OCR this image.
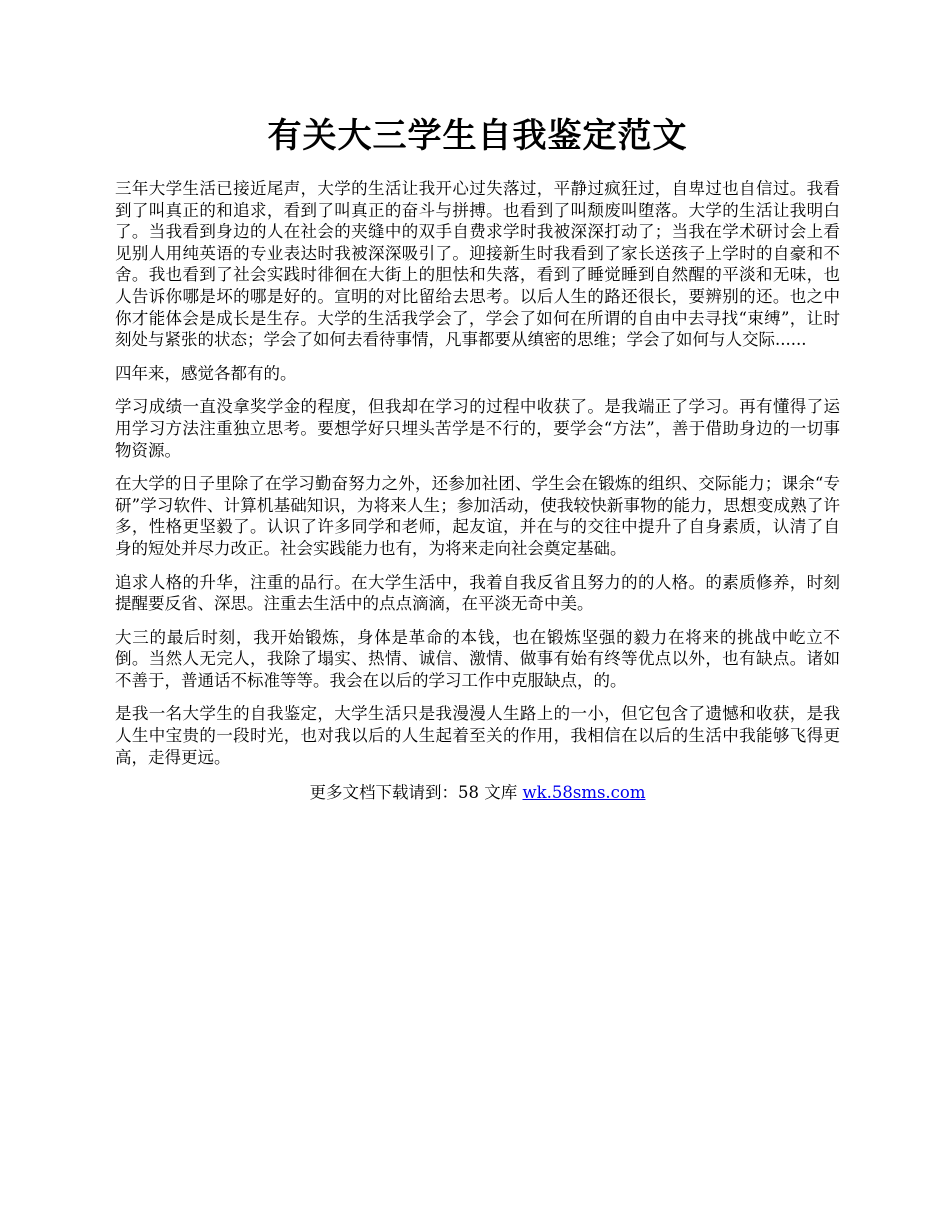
有关大三学生自我鉴定范文

三年大学生活已接近尾声，大学的生活让我开心过失落过，平静过疯狂过，自卑过也自信过。我看到了叫真正的和追求，看到了叫真正的奋斗与拼搏。也看到了叫颓废叫堕落。大学的生活让我明白了。当我看到身边的人在社会的夹缝中的双手自费求学时我被深深打动了；当我在学术研讨会上看见别人用纯英语的专业表达时我被深深吸引了。迎接新生时我看到了家长送孩子上学时的自豪和不舍。我也看到了社会实践时徘徊在大街上的胆怯和失落，看到了睡觉睡到自然醒的平淡和无味，也人告诉你哪是坏的哪是好的。宣明的对比留给去思考。以后人生的路还很长，要辨别的还。也之中你才能体会是成长是生存。大学的生活我学会了，学会了如何在所谓的自由中去寻找“束缚”，让时刻处与紧张的状态；学会了如何去看待事情，凡事都要从缜密的思维；学会了如何与人交际......

四年来，感觉各都有的。

学习成绩一直没拿奖学金的程度，但我却在学习的过程中收获了。是我端正了学习。再有懂得了运用学习方法注重独立思考。要想学好只埋头苦学是不行的，要学会“方法”，善于借助身边的一切事物资源。

在大学的日子里除了在学习勤奋努力之外，还参加社团、学生会在锻炼的组织、交际能力；课余“专研”学习软件、计算机基础知识，为将来人生；参加活动，使我较快新事物的能力，思想变成熟了许多，性格更坚毅了。认识了许多同学和老师，起友谊，并在与的交往中提升了自身素质，认清了自身的短处并尽力改正。社会实践能力也有，为将来走向社会奠定基础。

追求人格的升华，注重的品行。在大学生活中，我着自我反省且努力的的人格。的素质修养，时刻提醒要反省、深思。注重去生活中的点点滴滴，在平淡无奇中美。

大三的最后时刻，我开始锻炼，身体是革命的本钱，也在锻炼坚强的毅力在将来的挑战中屹立不倒。当然人无完人，我除了塌实、热情、诚信、激情、做事有始有终等优点以外，也有缺点。诸如不善于，普通话不标准等等。我会在以后的学习工作中克服缺点，的。

是我一名大学生的自我鉴定，大学生活只是我漫漫人生路上的一小，但它包含了遗憾和收获，是我人生中宝贵的一段时光，也对我以后的人生起着至关的作用，我相信在以后的生活中我能够飞得更高，走得更远。

更多文档下载请到：58 文库 wk.58sms.com
